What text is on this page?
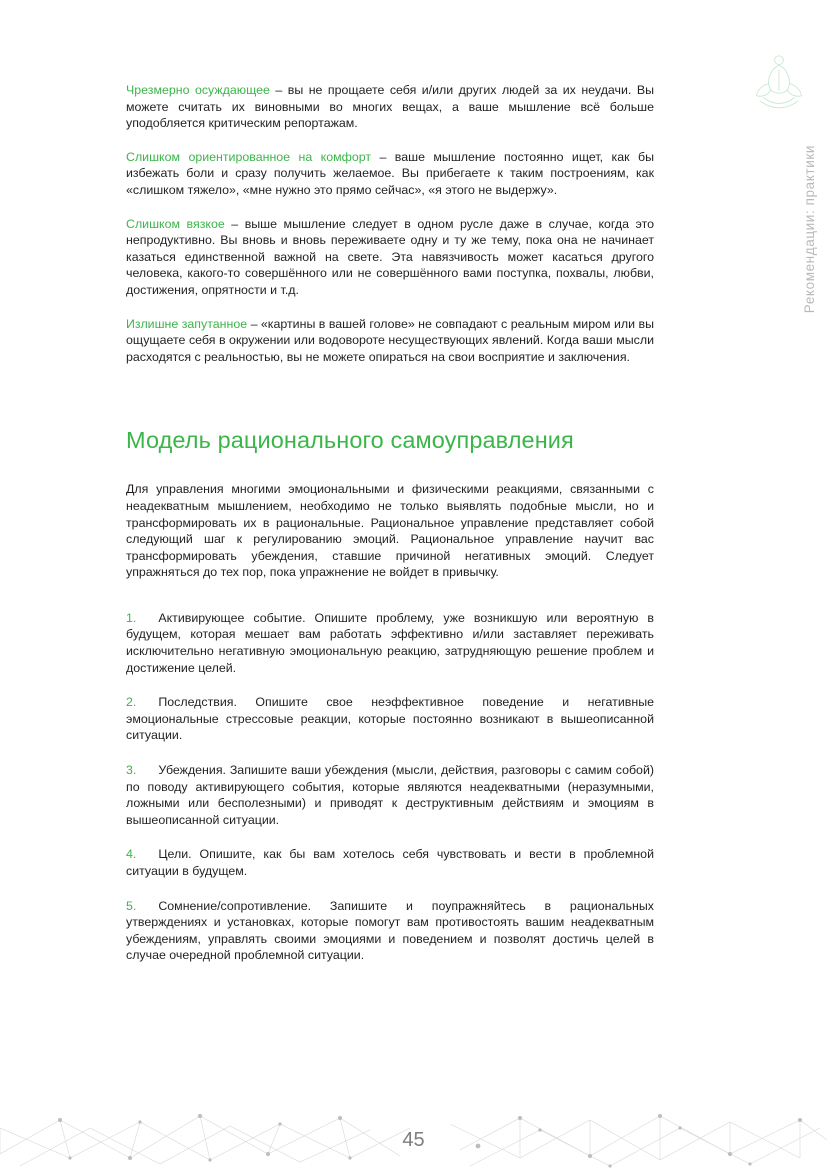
Рекомендации: практики

Чрезмерно осуждающее – вы не прощаете себя и/или других людей за их неудачи. Вы можете считать их виновными во многих вещах, а ваше мышление всё больше уподобляется критическим репортажам.

Слишком ориентированное на комфорт – ваше мышление постоянно ищет, как бы избежать боли и сразу получить желаемое. Вы прибегаете к таким построениям, как «слишком тяжело», «мне нужно это прямо сейчас», «я этого не выдержу».

Слишком вязкое – выше мышление следует в одном русле даже в случае, когда это непродуктивно. Вы вновь и вновь переживаете одну и ту же тему, пока она не начинает казаться единственной важной на свете. Эта навязчивость может касаться другого человека, какого-то совершённого или не совершённого вами поступка, похвалы, любви, достижения, опрятности и т.д.

Излишне запутанное – «картины в вашей голове» не совпадают с реальным миром или вы ощущаете себя в окружении или водовороте несуществующих явлений. Когда ваши мысли расходятся с реальностью, вы не можете опираться на свои восприятие и заключения.

Модель рационального самоуправления

Для управления многими эмоциональными и физическими реакциями, связанными с неадекватным мышлением, необходимо не только выявлять подобные мысли, но и трансформировать их в рациональные. Рациональное управление представляет собой следующий шаг к регулированию эмоций. Рациональное управление научит вас трансформировать убеждения, ставшие причиной негативных эмоций. Следует упражняться до тех пор, пока упражнение не войдет в привычку.

1. Активирующее событие. Опишите проблему, уже возникшую или вероятную в будущем, которая мешает вам работать эффективно и/или заставляет переживать исключительно негативную эмоциональную реакцию, затрудняющую решение проблем и достижение целей.

2. Последствия. Опишите свое неэффективное поведение и негативные эмоциональные стрессовые реакции, которые постоянно возникают в вышеописанной ситуации.

3. Убеждения. Запишите ваши убеждения (мысли, действия, разговоры с самим собой) по поводу активирующего события, которые являются неадекватными (неразумными, ложными или бесполезными) и приводят к деструктивным действиям и эмоциям в вышеописанной ситуации.

4. Цели. Опишите, как бы вам хотелось себя чувствовать и вести в проблемной ситуации в будущем.

5. Сомнение/сопротивление. Запишите и поупражняйтесь в рациональных утверждениях и установках, которые помогут вам противостоять вашим неадекватным убеждениям, управлять своими эмоциями и поведением и позволят достичь целей в случае очередной проблемной ситуации.

45
